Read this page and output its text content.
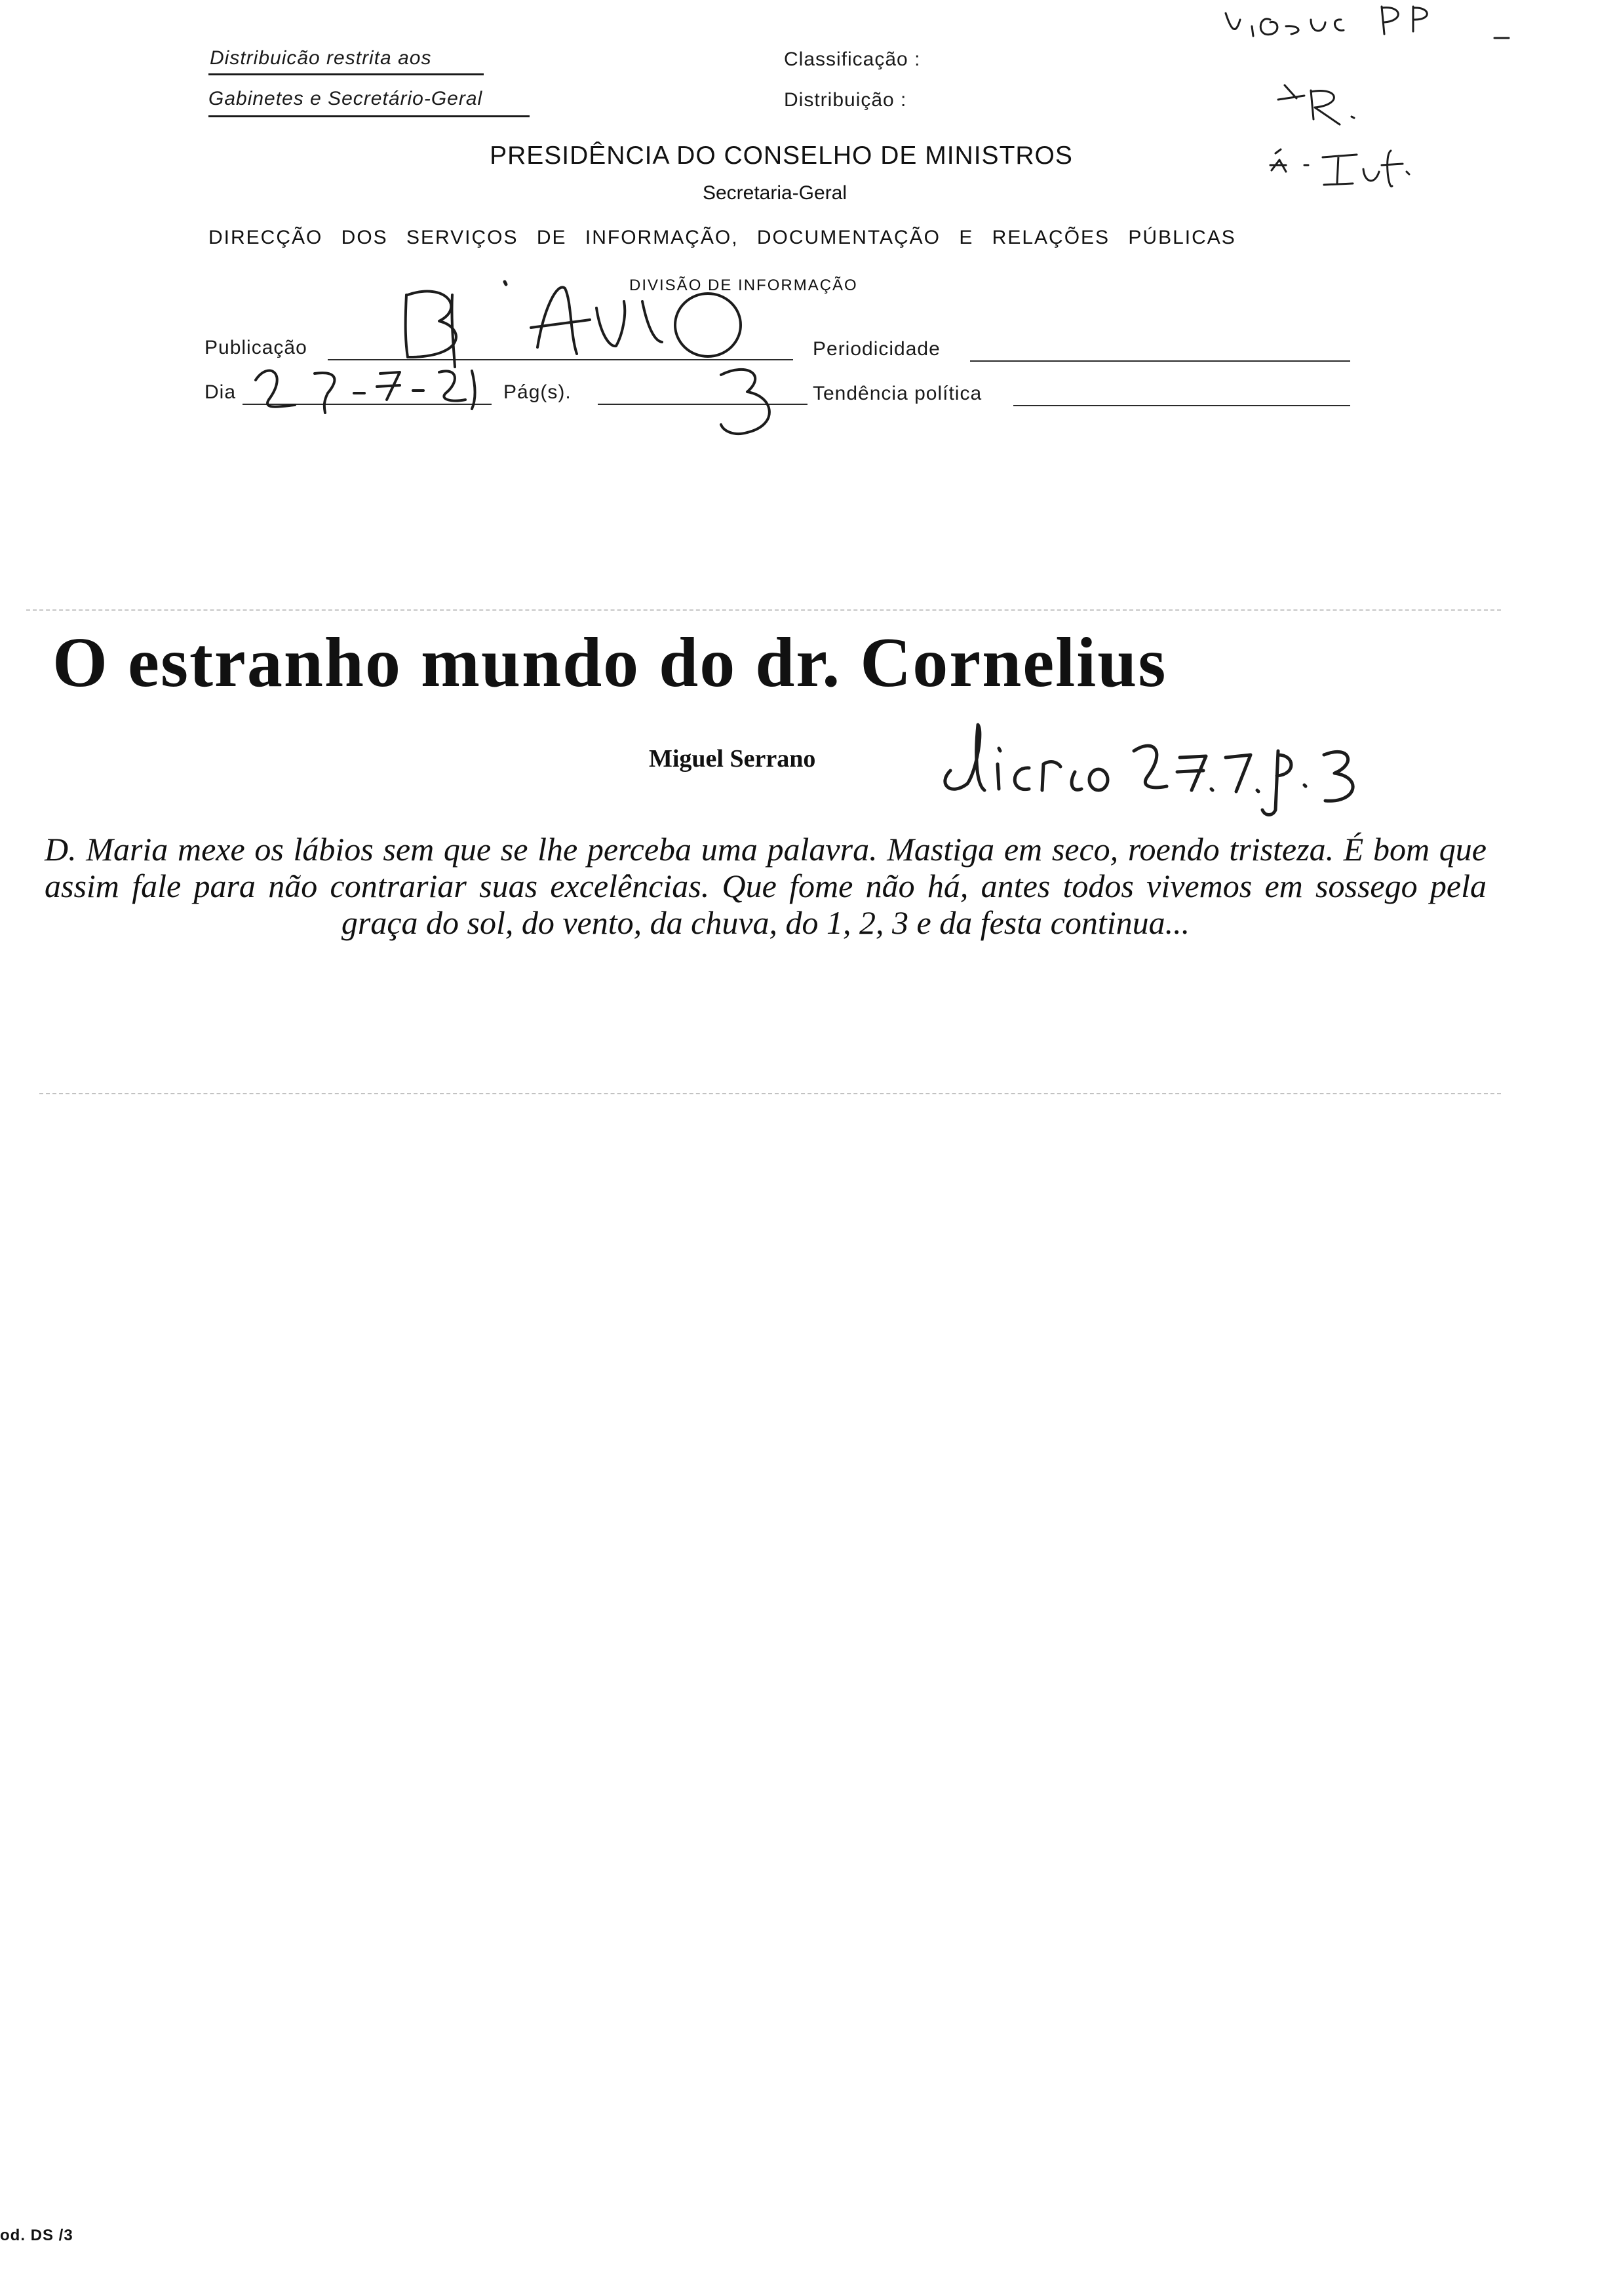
Distribuicão restrita aos
Gabinetes e Secretário-Geral
Classificação :
Distribuição :
PRESIDÊNCIA DO CONSELHO DE MINISTROS
Secretaria-Geral
DIRECÇÃO DOS SERVIÇOS DE INFORMAÇÃO, DOCUMENTAÇÃO E RELAÇÕES PÚBLICAS
DIVISÃO DE INFORMAÇÃO
Publicação	Periodicidade
Dia	Pág(s).	Tendência política
O estranho mundo do dr. Cornelius
Miguel Serrano
D. Maria mexe os lábios sem que se lhe perceba uma palavra. Mastiga em seco, roendo tristeza. É bom que assim fale para não contrariar suas excelências. Que fome não há, antes todos vivemos em sossego pela graça do sol, do vento, da chuva, do 1, 2, 3 e da festa continua...
od. DS /3
